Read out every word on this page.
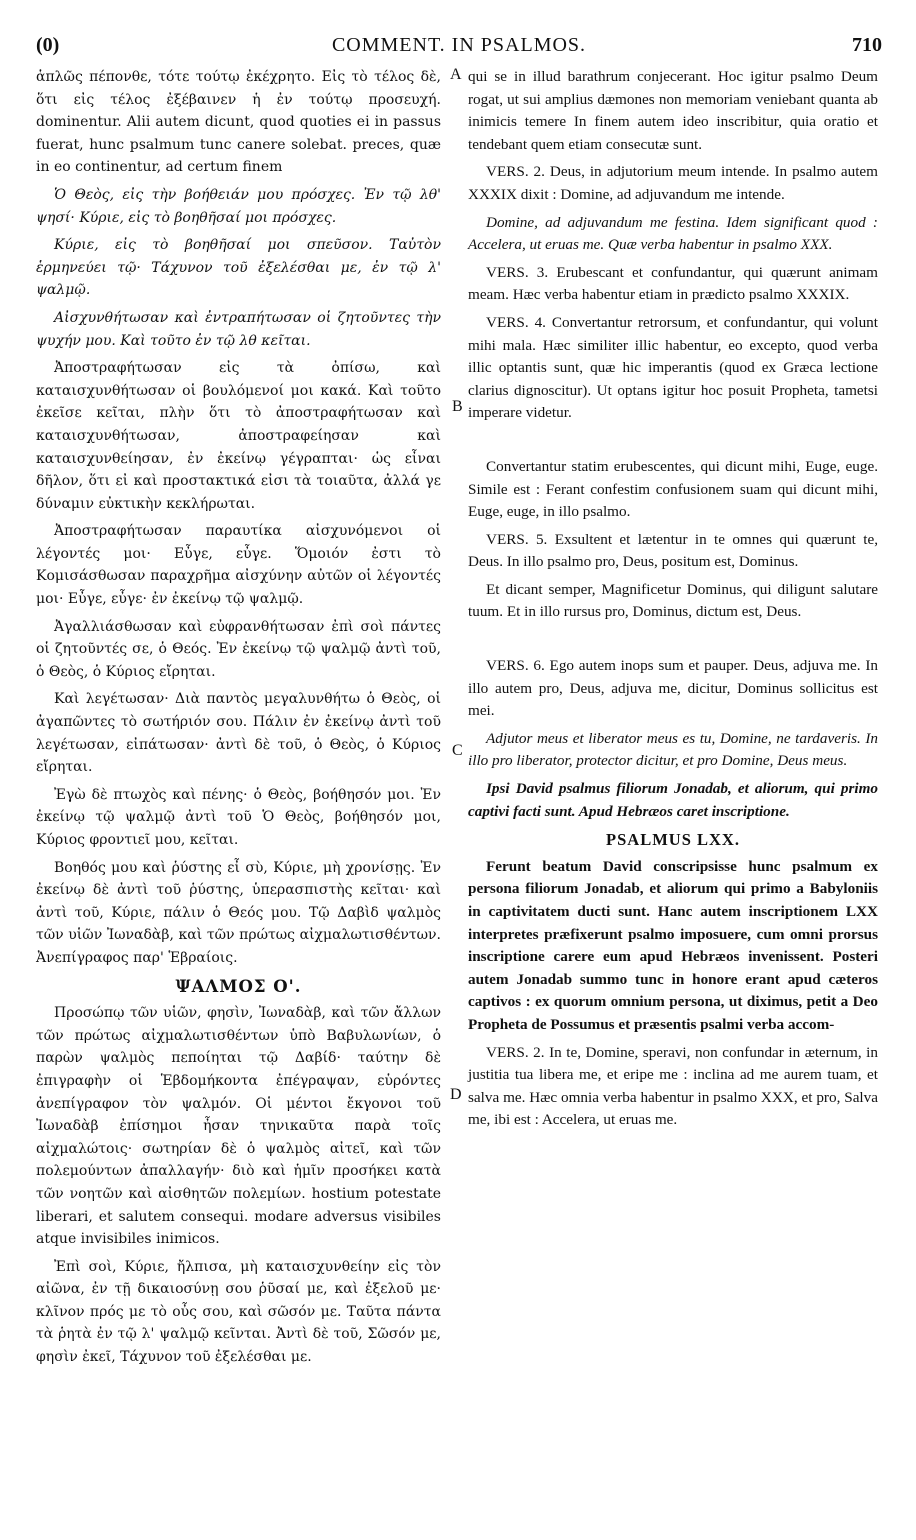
(0)	COMMENT. IN PSALMOS.	710
A
B
C
D

ἁπλῶς πέπονθε, τότε τούτῳ ἐκέχρητο. Εἰς τὸ τέλος δὲ, ὅτι εἰς τέλος ἐξέβαινεν ἡ ἐν τούτῳ προσευχή. dominentur. Alii autem dicunt, quod quoties ei in passus fuerat, hunc psalmum tunc canere solebat. preces, quæ in eo continentur, ad certum finem

Ὁ Θεὸς, εἰς τὴν βοήθειάν μου πρόσχες. Ἐν τῷ λθ' ψησί· Κύριε, εἰς τὸ βοηθῆσαί μοι πρόσχες.

Κύριε, εἰς τὸ βοηθῆσαί μοι σπεῦσον. Ταὐτὸν ἑρμηνεύει τῷ· Τάχυνον τοῦ ἐξελέσθαι με, ἐν τῷ λ' ψαλμῷ.

Αἰσχυνθήτωσαν καὶ ἐντραπήτωσαν οἱ ζητοῦντες τὴν ψυχήν μου. Καὶ τοῦτο ἐν τῷ λθ κεῖται.

Ἀποστραφήτωσαν εἰς τὰ ὀπίσω, καὶ καταισχυνθήτωσαν οἱ βουλόμενοί μοι κακά. Καὶ τοῦτο ἐκεῖσε κεῖται, πλὴν ὅτι τὸ ἀποστραφήτωσαν καὶ καταισχυνθήτωσαν, ἀποστραφείησαν καὶ καταισχυνθείησαν, ἐν ἐκείνῳ γέγραπται· ὡς εἶναι δῆλον, ὅτι εἰ καὶ προστακτικά εἰσι τὰ τοιαῦτα, ἀλλά γε δύναμιν εὐκτικὴν κεκλήρωται.

Ἀποστραφήτωσαν παραυτίκα αἰσχυνόμενοι οἱ λέγοντές μοι· Εὖγε, εὖγε. Ὅμοιόν ἐστι τὸ Κομισάσθωσαν παραχρῆμα αἰσχύνην αὐτῶν οἱ λέγοντές μοι· Εὖγε, εὖγε· ἐν ἐκείνῳ τῷ ψαλμῷ.

Ἀγαλλιάσθωσαν καὶ εὐφρανθήτωσαν ἐπὶ σοὶ πάντες οἱ ζητοῦντές σε, ὁ Θεός. Ἐν ἐκείνῳ τῷ ψαλμῷ ἀντὶ τοῦ, ὁ Θεὸς, ὁ Κύριος εἴρηται.

Καὶ λεγέτωσαν· Διὰ παντὸς μεγαλυνθήτω ὁ Θεὸς, οἱ ἀγαπῶντες τὸ σωτήριόν σου. Πάλιν ἐν ἐκείνῳ ἀντὶ τοῦ λεγέτωσαν, εἰπάτωσαν· ἀντὶ δὲ τοῦ, ὁ Θεὸς, ὁ Κύριος εἴρηται.

Ἐγὼ δὲ πτωχὸς καὶ πένης· ὁ Θεὸς, βοήθησόν μοι. Ἐν ἐκείνῳ τῷ ψαλμῷ ἀντὶ τοῦ Ὁ Θεὸς, βοήθησόν μοι, Κύριος φροντιεῖ μου, κεῖται.

Βοηθός μου καὶ ῥύστης εἶ σὺ, Κύριε, μὴ χρονίσῃς. Ἐν ἐκείνῳ δὲ ἀντὶ τοῦ ῥύστης, ὑπερασπιστὴς κεῖται· καὶ ἀντὶ τοῦ, Κύριε, πάλιν ὁ Θεός μου. Τῷ Δαβὶδ ψαλμὸς τῶν υἱῶν Ἰωναδὰβ, καὶ τῶν πρώτως αἰχμαλωτισθέντων. Ἀνεπίγραφος παρ' Ἑβραίοις.

ΨΑΛΜΟΣ Ο'.

Προσώπῳ τῶν υἱῶν, φησὶν, Ἰωναδὰβ, καὶ τῶν ἄλλων τῶν πρώτως αἰχμαλωτισθέντων ὑπὸ Βαβυλωνίων, ὁ παρὼν ψαλμὸς πεποίηται τῷ Δαβίδ· ταύτην δὲ ἐπιγραφὴν οἱ Ἑβδομήκοντα ἐπέγραψαν, εὑρόντες ἀνεπίγραφον τὸν ψαλμόν. Οἱ μέντοι ἔκγονοι τοῦ Ἰωναδὰβ ἐπίσημοι ἦσαν τηνικαῦτα παρὰ τοῖς αἰχμαλώτοις· σωτηρίαν δὲ ὁ ψαλμὸς αἰτεῖ, καὶ τῶν πολεμούντων ἀπαλλαγήν· διὸ καὶ ἡμῖν προσήκει κατὰ τῶν νοητῶν καὶ αἰσθητῶν πολεμίων. hostium potestate liberari, et salutem consequi. modare adversus visibiles atque invisibiles inimicos.

Ἐπὶ σοὶ, Κύριε, ἤλπισα, μὴ καταισχυνθείην εἰς τὸν αἰῶνα, ἐν τῇ δικαιοσύνῃ σου ῥῦσαί με, καὶ ἐξελοῦ με· κλῖνον πρός με τὸ οὖς σου, καὶ σῶσόν με. Ταῦτα πάντα τὰ ῥητὰ ἐν τῷ λ' ψαλμῷ κεῖνται. Ἀντὶ δὲ τοῦ, Σῶσόν με, φησὶν ἐκεῖ, Τάχυνον τοῦ ἐξελέσθαι με.

qui se in illud barathrum conjecerant. Hoc igitur psalmo Deum rogat, ut sui amplius dæmones non memoriam veniebant quanta ab inimicis temere In finem autem ideo inscribitur, quia oratio et tendebant quem etiam consecutæ sunt.

VERS. 2. Deus, in adjutorium meum intende. In psalmo autem XXXIX dixit : Domine, ad adjuvandum me intende.

Domine, ad adjuvandum me festina. Idem significant quod : Accelera, ut eruas me. Quæ verba habentur in psalmo XXX.

VERS. 3. Erubescant et confundantur, qui quærunt animam meam. Hæc verba habentur etiam in prædicto psalmo XXXIX.

VERS. 4. Convertantur retrorsum, et confundantur, qui volunt mihi mala. Hæc similiter illic habentur, eo excepto, quod verba illic optantis sunt, quæ hic imperantis (quod ex Græca lectione clarius dignoscitur). Ut optans igitur hoc posuit Propheta, tametsi imperare videtur.

Convertantur statim erubescentes, qui dicunt mihi, Euge, euge. Simile est : Ferant confestim confusionem suam qui dicunt mihi, Euge, euge, in illo psalmo.

VERS. 5. Exsultent et lætentur in te omnes qui quærunt te, Deus. In illo psalmo pro, Deus, positum est, Dominus.

Et dicant semper, Magnificetur Dominus, qui diligunt salutare tuum. Et in illo rursus pro, Dominus, dictum est, Deus.

VERS. 6. Ego autem inops sum et pauper. Deus, adjuva me. In illo autem pro, Deus, adjuva me, dicitur, Dominus sollicitus est mei.

Adjutor meus et liberator meus es tu, Domine, ne tardaveris. In illo pro liberator, protector dicitur, et pro Domine, Deus meus.

Ipsi David psalmus filiorum Jonadab, et aliorum, qui primo captivi facti sunt. Apud Hebræos caret inscriptione.

PSALMUS LXX.

Ferunt beatum David conscripsisse hunc psalmum ex persona filiorum Jonadab, et aliorum qui primo a Babyloniis in captivitatem ducti sunt. Hanc autem inscriptionem LXX interpretes præfixerunt psalmo imposuere, cum omni prorsus inscriptione carere eum apud Hebræos invenissent. Posteri autem Jonadab summo tunc in honore erant apud cæteros captivos : ex quorum omnium persona, ut diximus, petit a Deo Propheta de Possumus et præsentis psalmi verba accom-

VERS. 2. In te, Domine, speravi, non confundar in æternum, in justitia tua libera me, et eripe me : inclina ad me aurem tuam, et salva me. Hæc omnia verba habentur in psalmo XXX, et pro, Salva me, ibi est : Accelera, ut eruas me.
